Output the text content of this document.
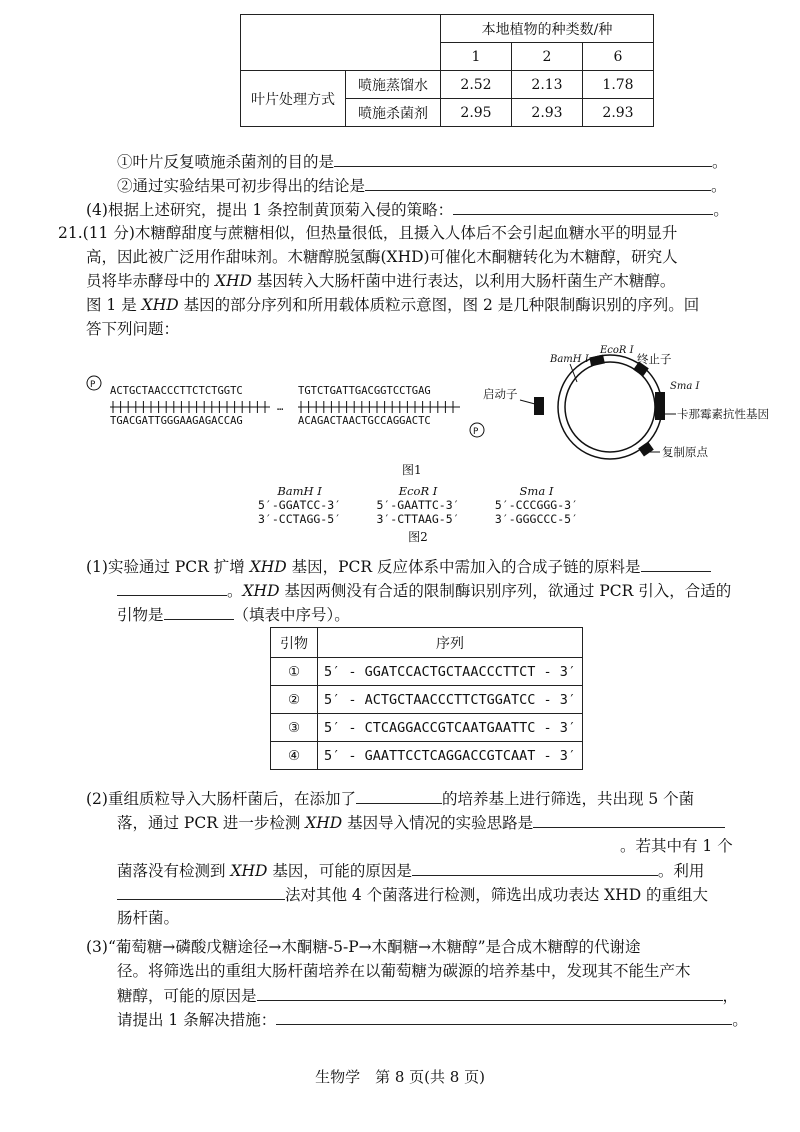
		本地植物的种类数/种		
		1	2	6
叶片处理方式	喷施蒸馏水	2.52	2.13	1.78
	喷施杀菌剂	2.95	2.93	2.93
①叶片反复喷施杀菌剂的目的是	。
②通过实验结果可初步得出的结论是	。
(4)根据上述研究，提出 1 条控制黄顶菊入侵的策略：	。
21.(11 分)木糖醇甜度与蔗糖相似，但热量很低，且摄入人体后不会引起血糖水平的明显升
高，因此被广泛用作甜味剂。木糖醇脱氢酶(XHD)可催化木酮糖转化为木糖醇，研究人
员将毕赤酵母中的 XHD 基因转入大肠杆菌中进行表达，以利用大肠杆菌生产木糖醇。
图 1 是 XHD 基因的部分序列和所用载体质粒示意图，图 2 是几种限制酶识别的序列。回
答下列问题：
P ACTGCTAACCCTTCTCTGGTC	TGTCTGATTGACGGTCCTGAG
TGACGATTGGGAAGAGACCAG	ACAGACTAACTGCCAGGACTC
…
P
BamH I
EcoR I
终止子
Sma I
启动子
卡那霉素抗性基因
复制原点
图1
BamH I
5′-GGATCC-3′
3′-CCTAGG-5′
EcoR I
5′-GAATTC-3′
3′-CTTAAG-5′
Sma I
5′-CCCGGG-3′
3′-GGGCCC-5′
图2
(1)实验通过 PCR 扩增 XHD 基因，PCR 反应体系中需加入的合成子链的原料是
。XHD 基因两侧没有合适的限制酶识别序列，欲通过 PCR 引入，合适的
引物是	（填表中序号）。
引物	序列
①	5′ - GGATCCACTGCTAACCCTTCT - 3′
②	5′ - ACTGCTAACCCTTCTGGATCC - 3′
③	5′ - CTCAGGACCGTCAATGAATTC - 3′
④	5′ - GAATTCCTCAGGACCGTCAAT - 3′
(2)重组质粒导入大肠杆菌后，在添加了	的培养基上进行筛选，共出现 5 个菌
落，通过 PCR 进一步检测 XHD 基因导入情况的实验思路是
。若其中有 1 个
菌落没有检测到 XHD 基因，可能的原因是	。利用
法对其他 4 个菌落进行检测，筛选出成功表达 XHD 的重组大
肠杆菌。
(3)“葡萄糖→磷酸戊糖途径→木酮糖-5-P→木酮糖→木糖醇”是合成木糖醇的代谢途
径。将筛选出的重组大肠杆菌培养在以葡萄糖为碳源的培养基中，发现其不能生产木
糖醇，可能的原因是	，
请提出 1 条解决措施：	。
生物学　第 8 页(共 8 页)
